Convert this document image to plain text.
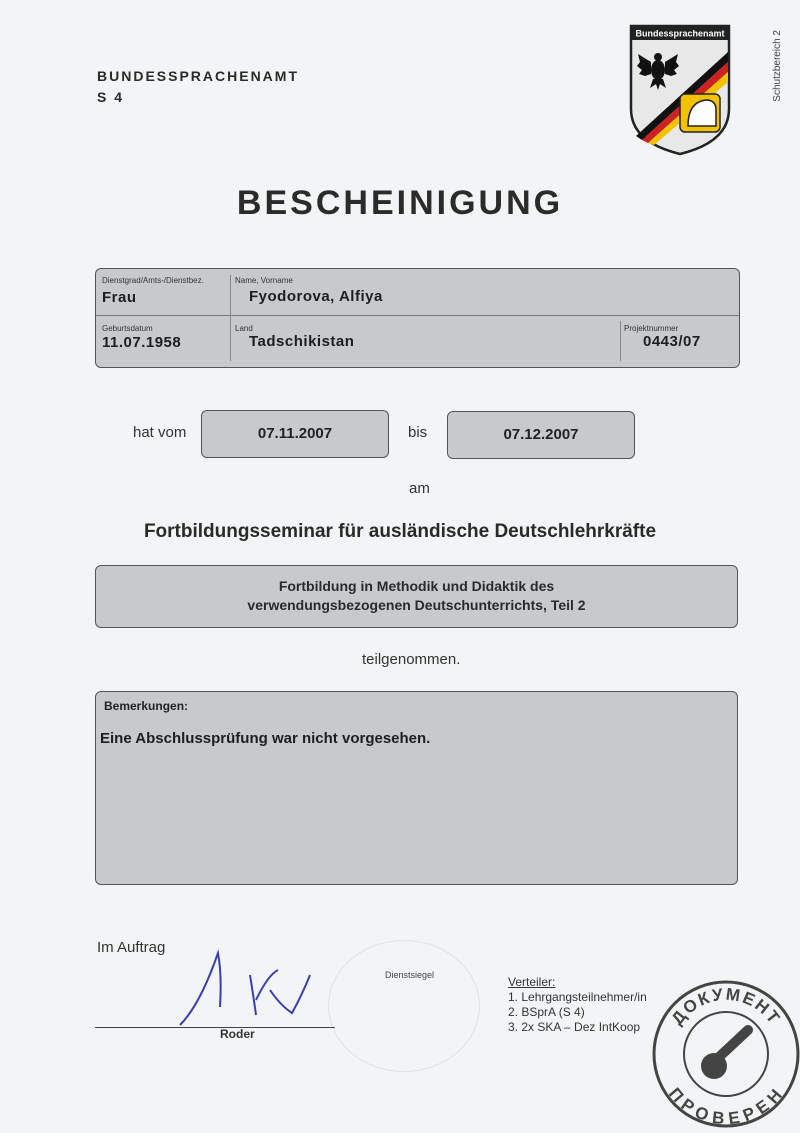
BUNDESSPRACHENAMT
S 4
Bundessprachenamt	Schutzbereich 2
BESCHEINIGUNG
Dienstgrad/Amts-/Dienstbez.
Frau
Name, Vorname
Fyodorova, Alfiya
Geburtsdatum
11.07.1958
Land
Tadschikistan
Projektnummer
0443/07
hat vom	07.11.2007	bis	07.12.2007
am
Fortbildungsseminar für ausländische Deutschlehrkräfte
Fortbildung in Methodik und Didaktik des
verwendungsbezogenen Deutschunterrichts, Teil 2
teilgenommen.
Bemerkungen:
Eine Abschlussprüfung war nicht vorgesehen.
Im Auftrag
Dienstsiegel
Roder
Verteiler:
1. Lehrgangsteilnehmer/in
2. BSprA (S 4)
3. 2x SKA – Dez IntKoop	ДОКУМЕНТ
ПРОВЕРЕН
